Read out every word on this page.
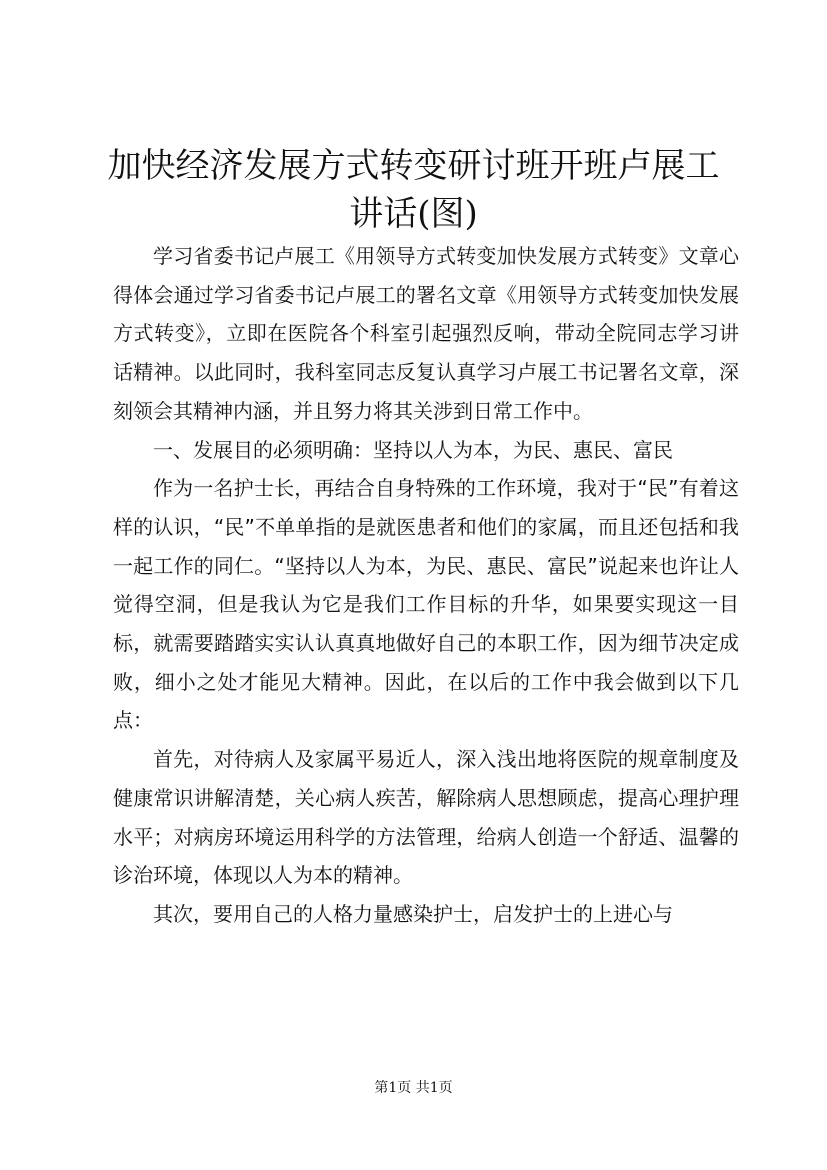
加快经济发展方式转变研讨班开班卢展工讲话(图)

学习省委书记卢展工《用领导方式转变加快发展方式转变》文章心得体会通过学习省委书记卢展工的署名文章《用领导方式转变加快发展方式转变》，立即在医院各个科室引起强烈反响，带动全院同志学习讲话精神。以此同时，我科室同志反复认真学习卢展工书记署名文章，深刻领会其精神内涵，并且努力将其关涉到日常工作中。

一、发展目的必须明确：坚持以人为本，为民、惠民、富民

作为一名护士长，再结合自身特殊的工作环境，我对于“民”有着这样的认识，“民”不单单指的是就医患者和他们的家属，而且还包括和我一起工作的同仁。“坚持以人为本，为民、惠民、富民”说起来也许让人觉得空洞，但是我认为它是我们工作目标的升华，如果要实现这一目标，就需要踏踏实实认认真真地做好自己的本职工作，因为细节决定成败，细小之处才能见大精神。因此，在以后的工作中我会做到以下几点：

首先，对待病人及家属平易近人，深入浅出地将医院的规章制度及健康常识讲解清楚，关心病人疾苦，解除病人思想顾虑，提高心理护理水平；对病房环境运用科学的方法管理，给病人创造一个舒适、温馨的诊治环境，体现以人为本的精神。

其次，要用自己的人格力量感染护士，启发护士的上进心与

第1页 共1页
